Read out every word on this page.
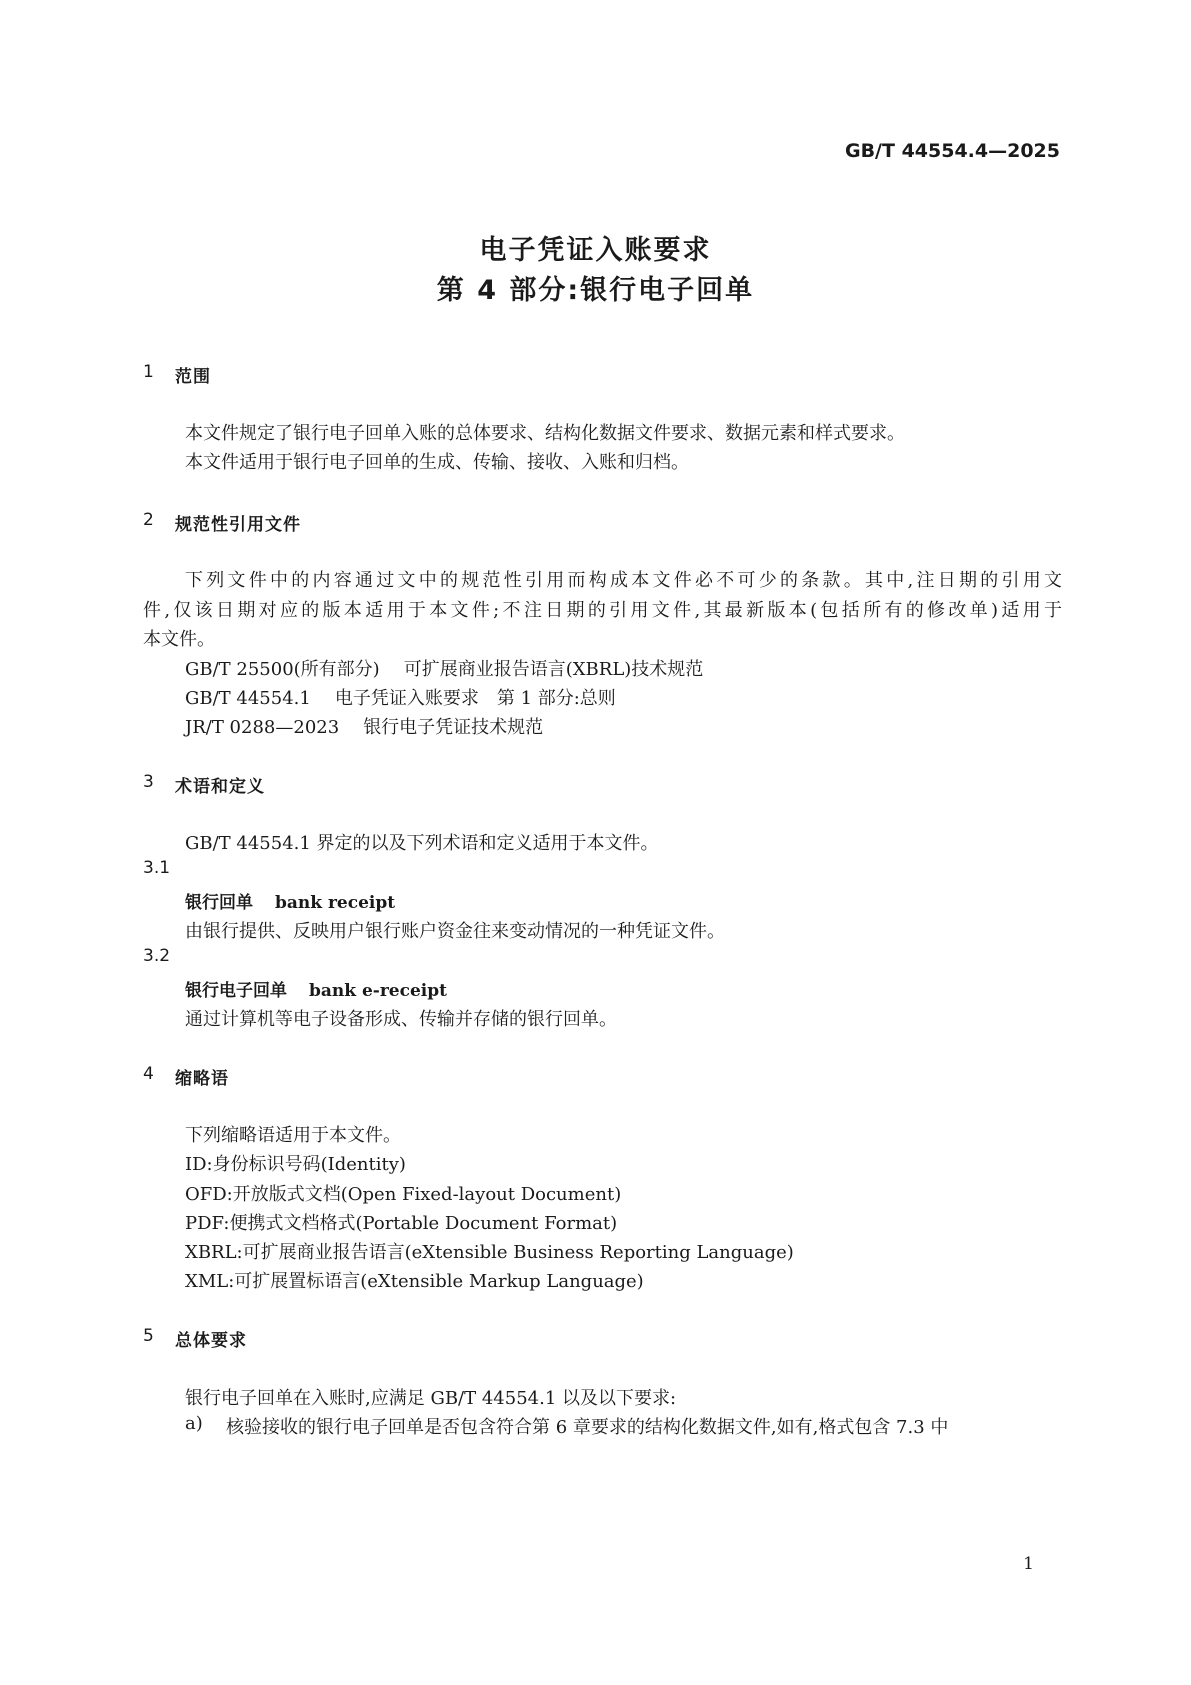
GB/T 44554.4—2025
电子凭证入账要求
第 4 部分:银行电子回单
1 范围
本文件规定了银行电子回单入账的总体要求、结构化数据文件要求、数据元素和样式要求。
本文件适用于银行电子回单的生成、传输、接收、入账和归档。
2 规范性引用文件
下列文件中的内容通过文中的规范性引用而构成本文件必不可少的条款。其中,注日期的引用文
件,仅该日期对应的版本适用于本文件;不注日期的引用文件,其最新版本(包括所有的修改单)适用于
本文件。
GB/T 25500(所有部分) 可扩展商业报告语言(XBRL)技术规范
GB/T 44554.1 电子凭证入账要求　第 1 部分:总则
JR/T 0288—2023 银行电子凭证技术规范
3 术语和定义
GB/T 44554.1 界定的以及下列术语和定义适用于本文件。
3.1
银行回单 bank receipt
由银行提供、反映用户银行账户资金往来变动情况的一种凭证文件。
3.2
银行电子回单 bank e-receipt
通过计算机等电子设备形成、传输并存储的银行回单。
4 缩略语
下列缩略语适用于本文件。
ID:身份标识号码(Identity)
OFD:开放版式文档(Open Fixed-layout Document)
PDF:便携式文档格式(Portable Document Format)
XBRL:可扩展商业报告语言(eXtensible Business Reporting Language)
XML:可扩展置标语言(eXtensible Markup Language)
5 总体要求
银行电子回单在入账时,应满足 GB/T 44554.1 以及以下要求:
a) 核验接收的银行电子回单是否包含符合第 6 章要求的结构化数据文件,如有,格式包含 7.3 中
1
